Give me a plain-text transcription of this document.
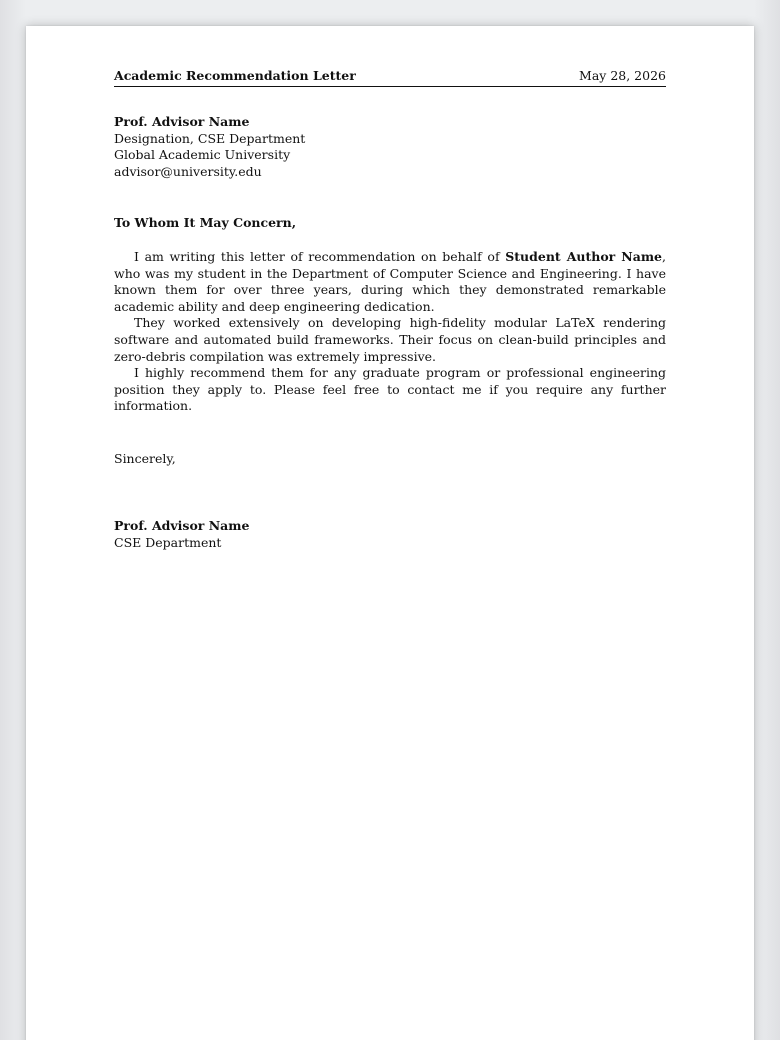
Academic Recommendation Letter	May 28, 2026
Prof. Advisor Name
Designation, CSE Department
Global Academic University
advisor@university.edu
To Whom It May Concern,

I am writing this letter of recommendation on behalf of Student Author Name, who was my student in the Department of Computer Science and Engineering. I have known them for over three years, during which they demonstrated remarkable academic ability and deep engineering dedication.

They worked extensively on developing high-fidelity modular LaTeX rendering software and automated build frameworks. Their focus on clean-build principles and zero-debris compilation was extremely impressive.

I highly recommend them for any graduate program or professional engineering position they apply to. Please feel free to contact me if you require any further information.

Sincerely,
Prof. Advisor Name
CSE Department
